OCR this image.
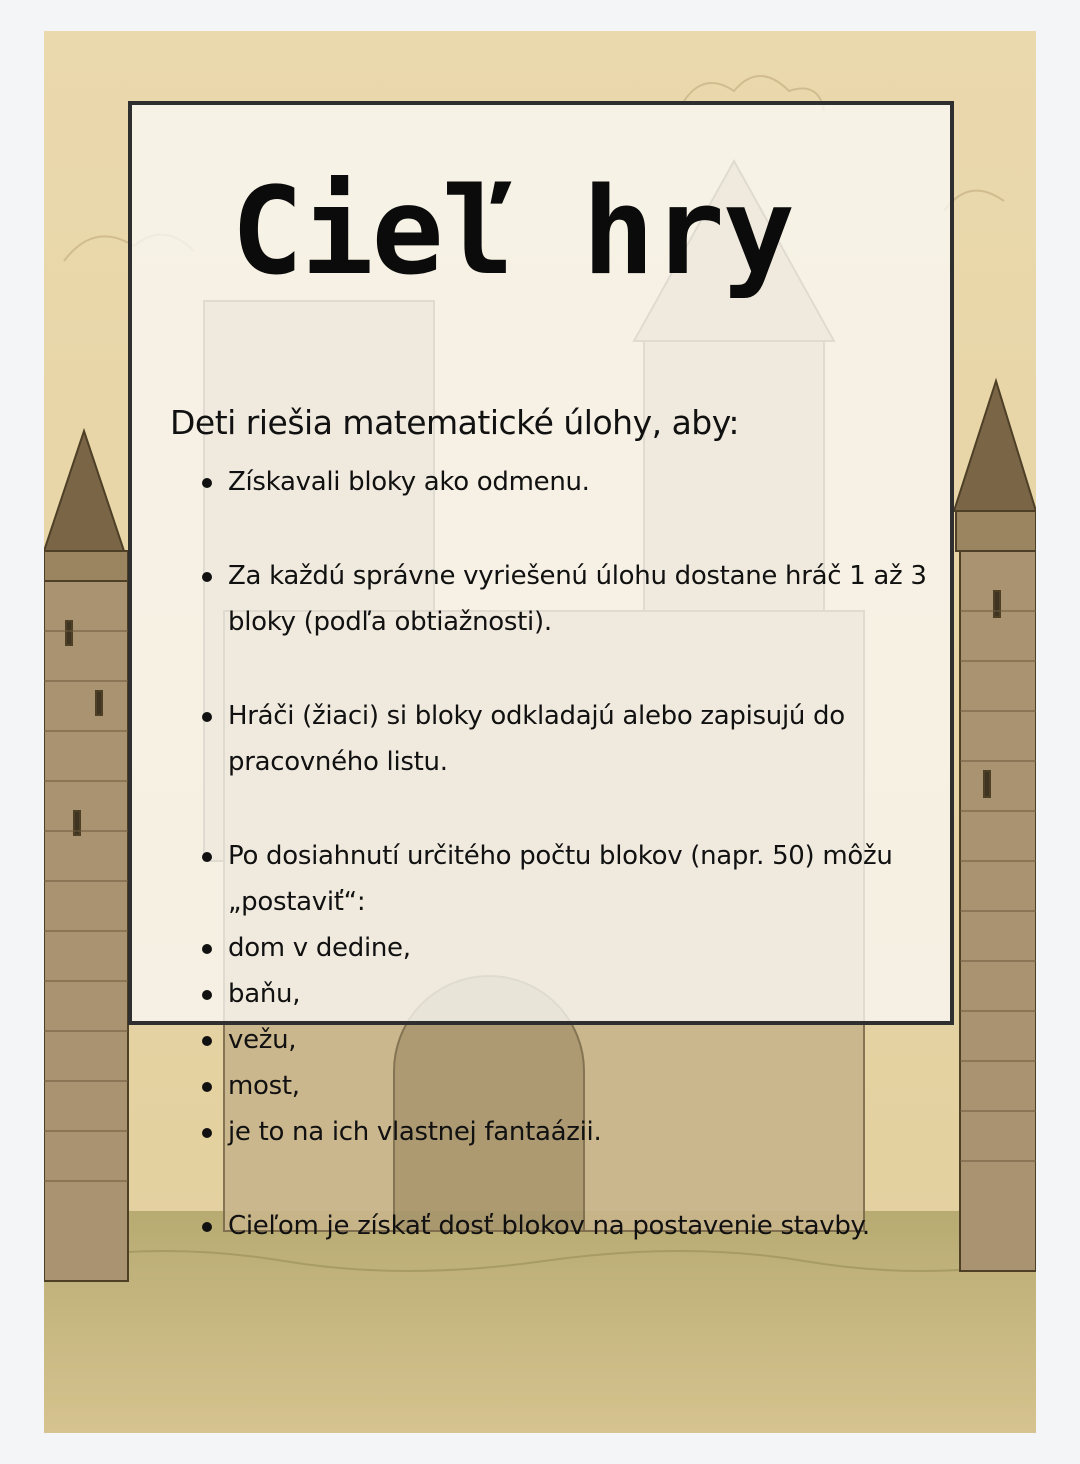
Cieľ hry

Deti riešia matematické úlohy, aby:

Získavali bloky ako odmenu.
Za každú správne vyriešenú úlohu dostane hráč 1 až 3 bloky (podľa obtiažnosti).
Hráči (žiaci) si bloky odkladajú alebo zapisujú do pracovného listu.
Po dosiahnutí určitého počtu blokov (napr. 50) môžu „postaviť“:
dom v dedine,
baňu,
vežu,
most,
je to na ich vlastnej fantaázii.
Cieľom je získať dosť blokov na postavenie stavby.
